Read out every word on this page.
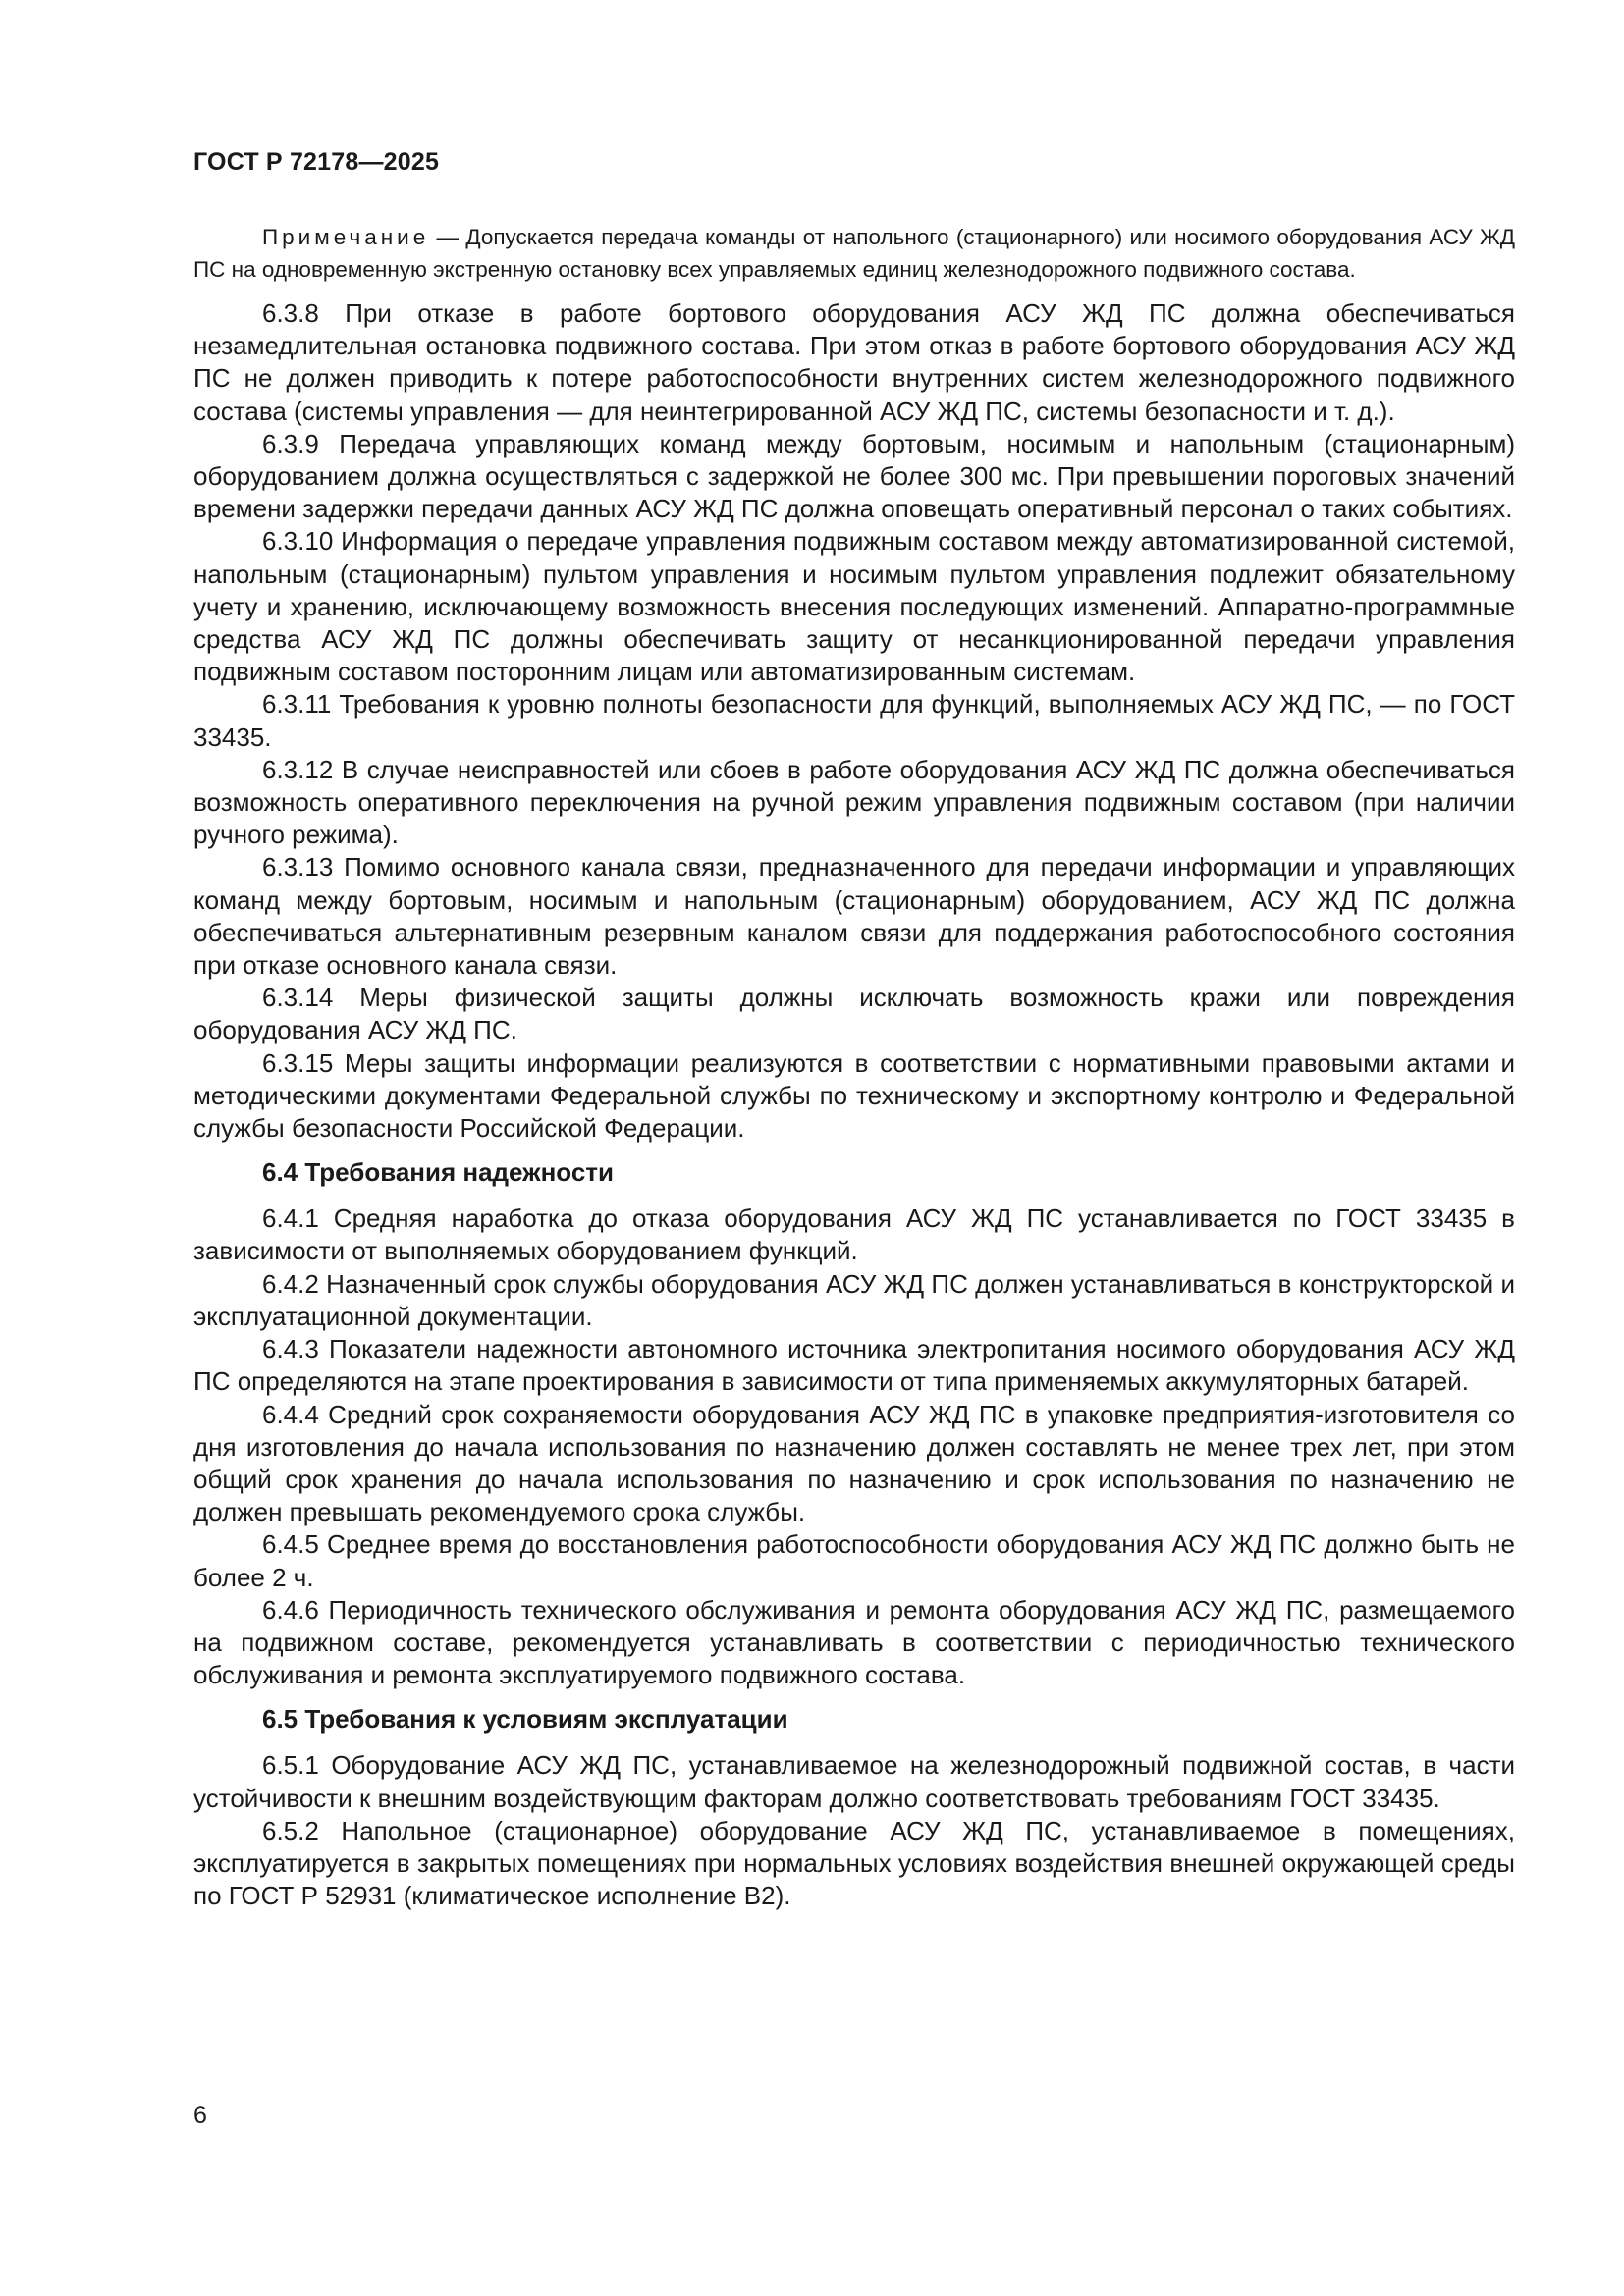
ГОСТ Р 72178—2025

Примечание — Допускается передача команды от напольного (стационарного) или носимого оборудования АСУ ЖД ПС на одновременную экстренную остановку всех управляемых единиц железнодорожного подвижного состава.

6.3.8 При отказе в работе бортового оборудования АСУ ЖД ПС должна обеспечиваться незамедлительная остановка подвижного состава. При этом отказ в работе бортового оборудования АСУ ЖД ПС не должен приводить к потере работоспособности внутренних систем железнодорожного подвижного состава (системы управления — для неинтегрированной АСУ ЖД ПС, системы безопасности и т. д.).

6.3.9 Передача управляющих команд между бортовым, носимым и напольным (стационарным) оборудованием должна осуществляться с задержкой не более 300 мс. При превышении пороговых значений времени задержки передачи данных АСУ ЖД ПС должна оповещать оперативный персонал о таких событиях.

6.3.10 Информация о передаче управления подвижным составом между автоматизированной системой, напольным (стационарным) пультом управления и носимым пультом управления подлежит обязательному учету и хранению, исключающему возможность внесения последующих изменений. Аппаратно-программные средства АСУ ЖД ПС должны обеспечивать защиту от несанкционированной передачи управления подвижным составом посторонним лицам или автоматизированным системам.

6.3.11 Требования к уровню полноты безопасности для функций, выполняемых АСУ ЖД ПС, — по ГОСТ 33435.

6.3.12 В случае неисправностей или сбоев в работе оборудования АСУ ЖД ПС должна обеспечиваться возможность оперативного переключения на ручной режим управления подвижным составом (при наличии ручного режима).

6.3.13 Помимо основного канала связи, предназначенного для передачи информации и управляющих команд между бортовым, носимым и напольным (стационарным) оборудованием, АСУ ЖД ПС должна обеспечиваться альтернативным резервным каналом связи для поддержания работоспособного состояния при отказе основного канала связи.

6.3.14 Меры физической защиты должны исключать возможность кражи или повреждения оборудования АСУ ЖД ПС.

6.3.15 Меры защиты информации реализуются в соответствии с нормативными правовыми актами и методическими документами Федеральной службы по техническому и экспортному контролю и Федеральной службы безопасности Российской Федерации.

6.4 Требования надежности

6.4.1 Средняя наработка до отказа оборудования АСУ ЖД ПС устанавливается по ГОСТ 33435 в зависимости от выполняемых оборудованием функций.

6.4.2 Назначенный срок службы оборудования АСУ ЖД ПС должен устанавливаться в конструкторской и эксплуатационной документации.

6.4.3 Показатели надежности автономного источника электропитания носимого оборудования АСУ ЖД ПС определяются на этапе проектирования в зависимости от типа применяемых аккумуляторных батарей.

6.4.4 Средний срок сохраняемости оборудования АСУ ЖД ПС в упаковке предприятия-изготовителя со дня изготовления до начала использования по назначению должен составлять не менее трех лет, при этом общий срок хранения до начала использования по назначению и срок использования по назначению не должен превышать рекомендуемого срока службы.

6.4.5 Среднее время до восстановления работоспособности оборудования АСУ ЖД ПС должно быть не более 2 ч.

6.4.6 Периодичность технического обслуживания и ремонта оборудования АСУ ЖД ПС, размещаемого на подвижном составе, рекомендуется устанавливать в соответствии с периодичностью технического обслуживания и ремонта эксплуатируемого подвижного состава.

6.5 Требования к условиям эксплуатации

6.5.1 Оборудование АСУ ЖД ПС, устанавливаемое на железнодорожный подвижной состав, в части устойчивости к внешним воздействующим факторам должно соответствовать требованиям ГОСТ 33435.

6.5.2 Напольное (стационарное) оборудование АСУ ЖД ПС, устанавливаемое в помещениях, эксплуатируется в закрытых помещениях при нормальных условиях воздействия внешней окружающей среды по ГОСТ Р 52931 (климатическое исполнение В2).

6
